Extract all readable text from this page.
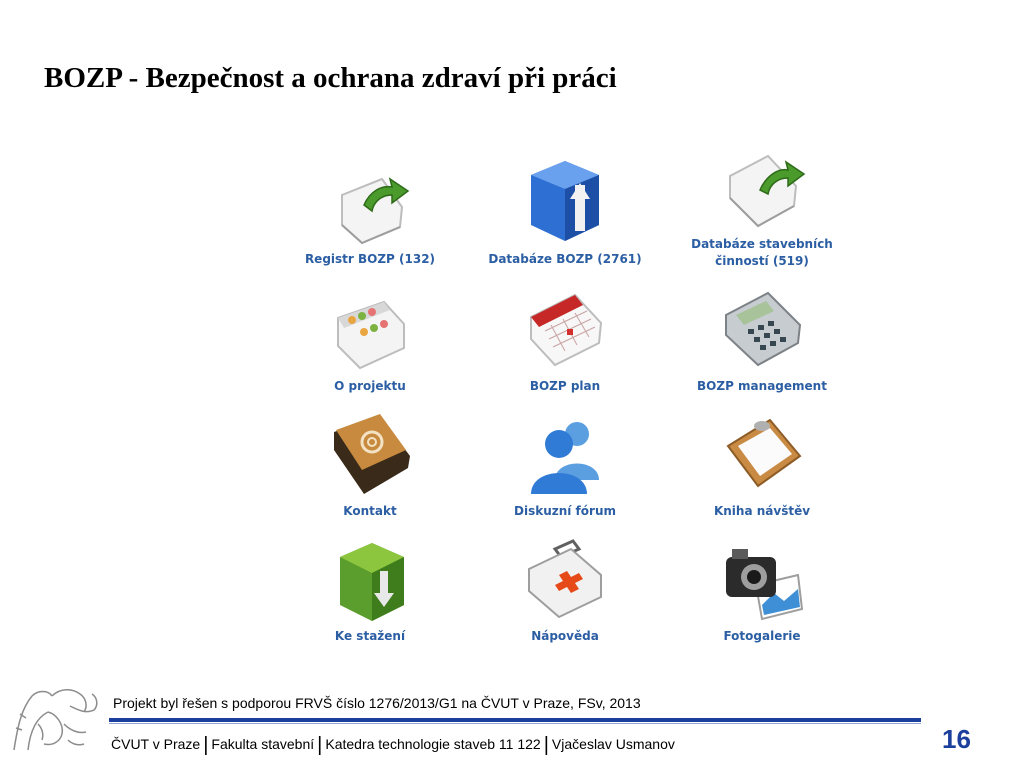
BOZP - Bezpečnost a ochrana zdraví při práci
Registr BOZP (132)	Databáze BOZP (2761)
Databáze stavebních
činností (519)
O projektu	BOZP plan	BOZP management
Kontakt	Diskuzní fórum	Kniha návštěv
Ke stažení	Nápověda	Fotogalerie
Projekt byl řešen s podporou FRVŠ číslo 1276/2013/G1 na ČVUT v Praze, FSv, 2013
ČVUT v Praze | Fakulta stavební | Katedra technologie staveb 11 122 | Vjačeslav Usmanov	16
